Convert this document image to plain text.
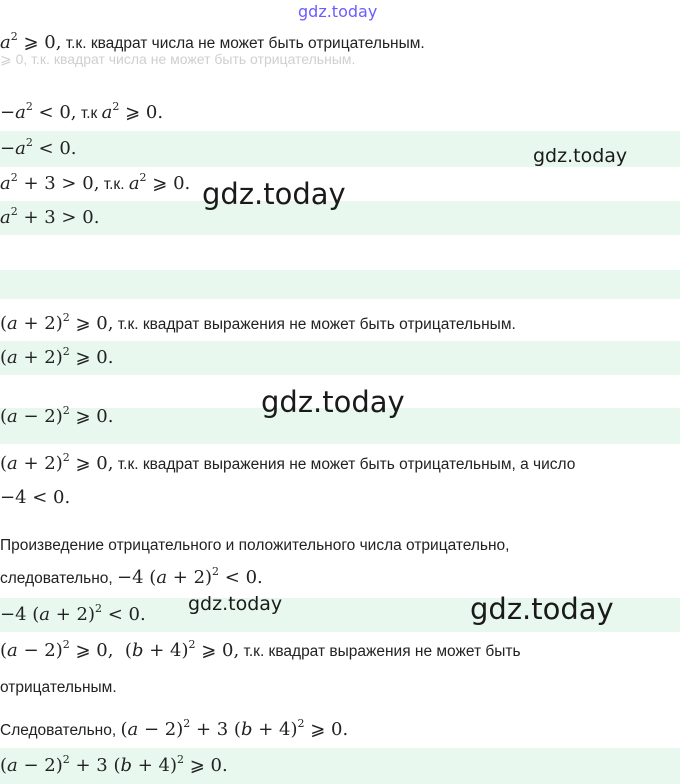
⩾ 0, т.к. квадрат числа не может быть отрицательным.
$a^2$ ⩾ 0, т.к. квадрат числа не может быть отрицательным.
$-a^2 < 0$, т.к $a^2$ ⩾ 0.
$-a^2 < 0$.
$a^2 + 3 > 0$, т.к. $a^2$ ⩾ 0.
$a^2 + 3 > 0$.
$(a + 2)^2$ ⩾ 0, т.к. квадрат выражения не может быть отрицательным.
$(a + 2)^2$ ⩾ 0.
$(a - 2)^2$ ⩾ 0.
$(a + 2)^2$ ⩾ 0, т.к. квадрат выражения не может быть отрицательным, а число
−4 < 0.
Произведение отрицательного и положительного числа отрицательно,
следовательно, −4 $(a + 2)^2 < 0$.
−4 $(a + 2)^2 < 0$.
$(a - 2)^2$ ⩾ 0,  $(b + 4)^2$ ⩾ 0, т.к. квадрат выражения не может быть
отрицательным.
Следовательно, $(a - 2)^2 + 3$ $(b + 4)^2$ ⩾ 0.
$(a - 2)^2 + 3$ $(b + 4)^2$ ⩾ 0.
gdz.today
gdz.today
gdz.today
gdz.today
gdz.today	gdz.today
